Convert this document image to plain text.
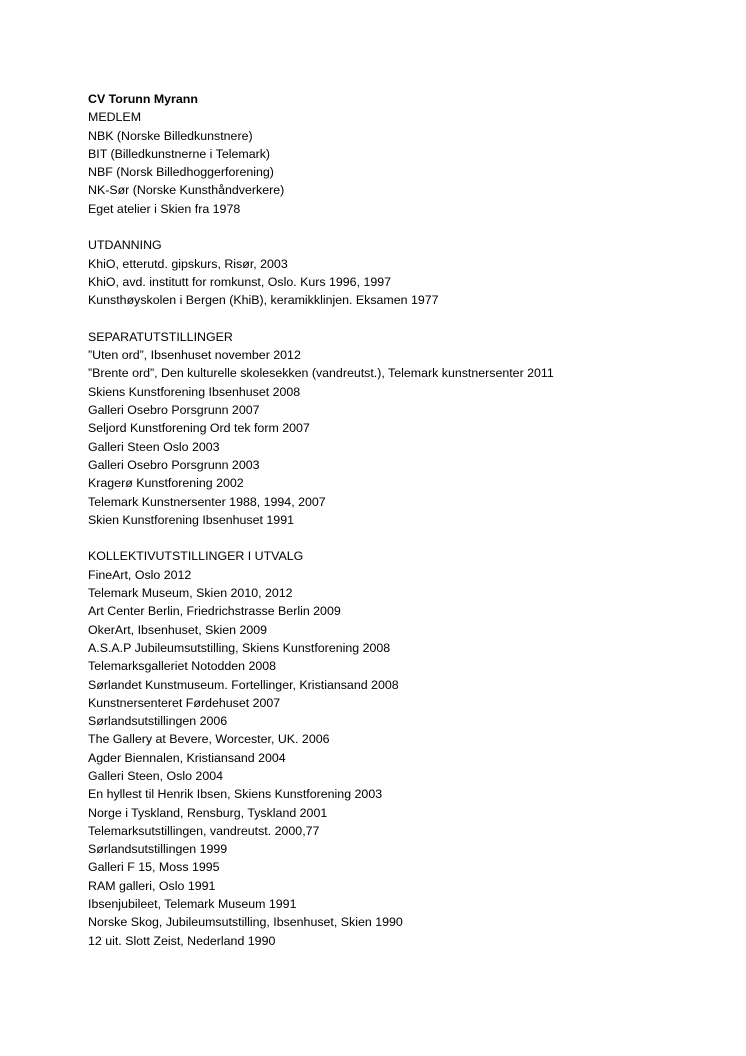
CV Torunn Myrann
MEDLEM
NBK (Norske Billedkunstnere)
BIT (Billedkunstnerne i Telemark)
NBF (Norsk Billedhoggerforening)
NK-Sør (Norske Kunsthåndverkere)
Eget atelier i Skien fra 1978
UTDANNING
KhiO, etterutd. gipskurs, Risør, 2003
KhiO, avd. institutt for romkunst, Oslo. Kurs 1996, 1997
Kunsthøyskolen i Bergen (KhiB), keramikklinjen. Eksamen 1977
SEPARATUTSTILLINGER
”Uten ord”, Ibsenhuset november 2012
”Brente ord”, Den kulturelle skolesekken (vandreutst.), Telemark kunstnersenter 2011
Skiens Kunstforening Ibsenhuset 2008
Galleri Osebro Porsgrunn 2007
Seljord Kunstforening Ord tek form 2007
Galleri Steen Oslo 2003
Galleri Osebro Porsgrunn 2003
Kragerø Kunstforening 2002
Telemark Kunstnersenter 1988, 1994, 2007
Skien Kunstforening Ibsenhuset 1991
KOLLEKTIVUTSTILLINGER I UTVALG
FineArt, Oslo 2012
Telemark Museum, Skien 2010, 2012
Art Center Berlin, Friedrichstrasse Berlin 2009
OkerArt, Ibsenhuset, Skien 2009
A.S.A.P Jubileumsutstilling, Skiens Kunstforening 2008
Telemarksgalleriet Notodden 2008
Sørlandet Kunstmuseum. Fortellinger, Kristiansand 2008
Kunstnersenteret Førdehuset 2007
Sørlandsutstillingen 2006
The Gallery at Bevere, Worcester, UK. 2006
Agder Biennalen, Kristiansand 2004
Galleri Steen, Oslo 2004
En hyllest til Henrik Ibsen, Skiens Kunstforening 2003
Norge i Tyskland, Rensburg, Tyskland 2001
Telemarksutstillingen, vandreutst. 2000,77
Sørlandsutstillingen 1999
Galleri F 15, Moss 1995
RAM galleri, Oslo 1991
Ibsenjubileet, Telemark Museum 1991
Norske Skog, Jubileumsutstilling, Ibsenhuset, Skien 1990
12 uit. Slott Zeist, Nederland 1990
